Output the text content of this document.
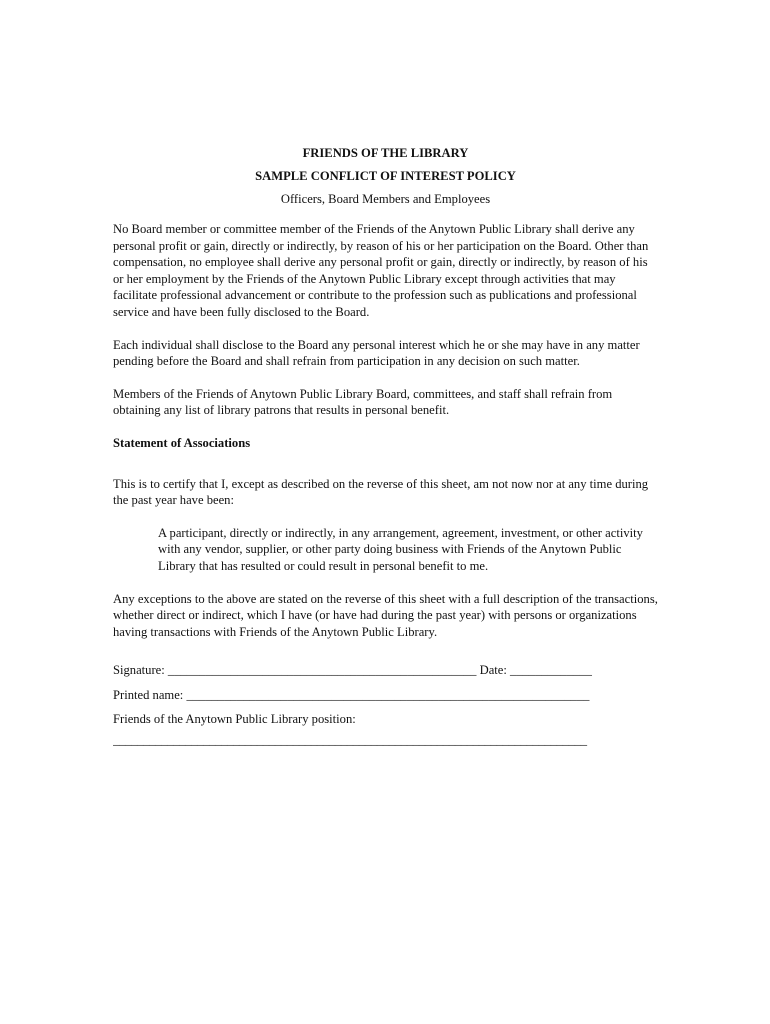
FRIENDS OF THE LIBRARY

SAMPLE CONFLICT OF INTEREST POLICY

Officers, Board Members and Employees

No Board member or committee member of the Friends of the Anytown Public Library shall derive any personal profit or gain, directly or indirectly, by reason of his or her participation on the Board. Other than compensation, no employee shall derive any personal profit or gain, directly or indirectly, by reason of his or her employment by the Friends of the Anytown Public Library except through activities that may facilitate professional advancement or contribute to the profession such as publications and professional service and have been fully disclosed to the Board.

Each individual shall disclose to the Board any personal interest which he or she may have in any matter pending before the Board and shall refrain from participation in any decision on such matter.

Members of the Friends of Anytown Public Library Board, committees, and staff shall refrain from obtaining any list of library patrons that results in personal benefit.

Statement of Associations

This is to certify that I, except as described on the reverse of this sheet, am not now nor at any time during the past year have been:

A participant, directly or indirectly, in any arrangement, agreement, investment, or other activity with any vendor, supplier, or other party doing business with Friends of the Anytown Public Library that has resulted or could result in personal benefit to me.

Any exceptions to the above are stated on the reverse of this sheet with a full description of the transactions, whether direct or indirect, which I have (or have had during the past year) with persons or organizations having transactions with Friends of the Anytown Public Library.

Signature: _________________________________________________ Date: _____________

Printed name: ________________________________________________________________

Friends of the Anytown Public Library position:

_______________________________________________________________________________
